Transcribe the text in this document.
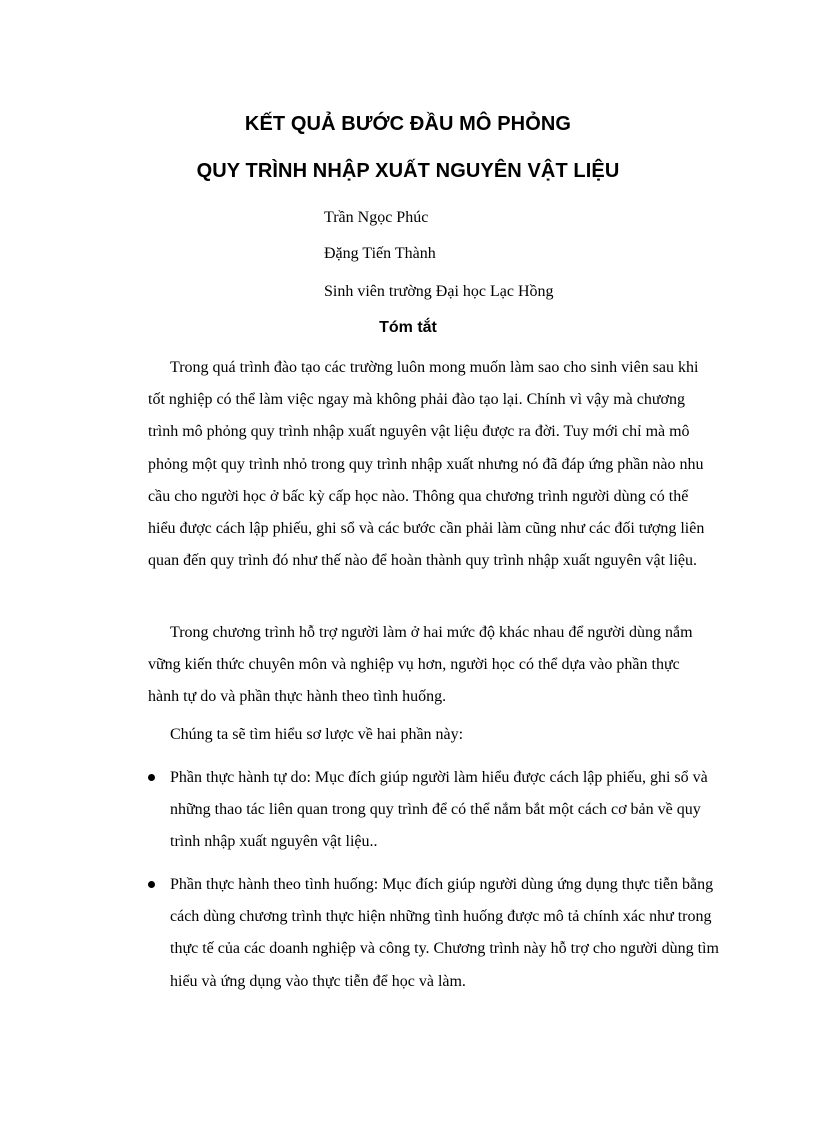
KẾT QUẢ BƯỚC ĐẦU MÔ PHỎNG
QUY TRÌNH NHẬP XUẤT NGUYÊN VẬT LIỆU
Trần Ngọc Phúc
Đặng Tiến Thành
Sinh viên trường Đại học Lạc Hồng
Tóm tắt

Trong quá trình đào tạo các trường luôn mong muốn làm sao cho sinh viên sau khi tốt nghiệp có thể làm việc ngay mà không phải đào tạo lại. Chính vì vậy mà chương trình mô phỏng quy trình nhập xuất nguyên vật liệu được ra đời. Tuy mới chỉ mà mô phỏng một quy trình nhỏ trong quy trình nhập xuất nhưng nó đã đáp ứng phần nào nhu cầu cho người học ở bấc kỳ cấp học nào. Thông qua chương trình người dùng có thể hiểu được cách lập phiếu, ghi sổ và các bước cần phải làm cũng như các đối tượng liên quan đến quy trình đó như thế nào để hoàn thành quy trình nhập xuất nguyên vật liệu.

Trong chương trình hỗ trợ người làm ở hai mức độ khác nhau để người dùng nắm vững kiến thức chuyên môn và nghiệp vụ hơn, người học có thể dựa vào phần thực hành tự do và phần thực hành theo tình huống.

Chúng ta sẽ tìm hiểu sơ lược về hai phần này:

Phần thực hành tự do: Mục đích giúp người làm hiểu được cách lập phiếu, ghi sổ và những thao tác liên quan trong quy trình để có thể nắm bắt một cách cơ bản về quy trình nhập xuất nguyên vật liệu..
Phần thực hành theo tình huống: Mục đích giúp người dùng ứng dụng thực tiễn bằng cách dùng chương trình thực hiện những tình huống được mô tả chính xác như trong thực tế của các doanh nghiệp và công ty. Chương trình này hỗ trợ cho người dùng tìm hiểu và ứng dụng vào thực tiễn để học và làm.
